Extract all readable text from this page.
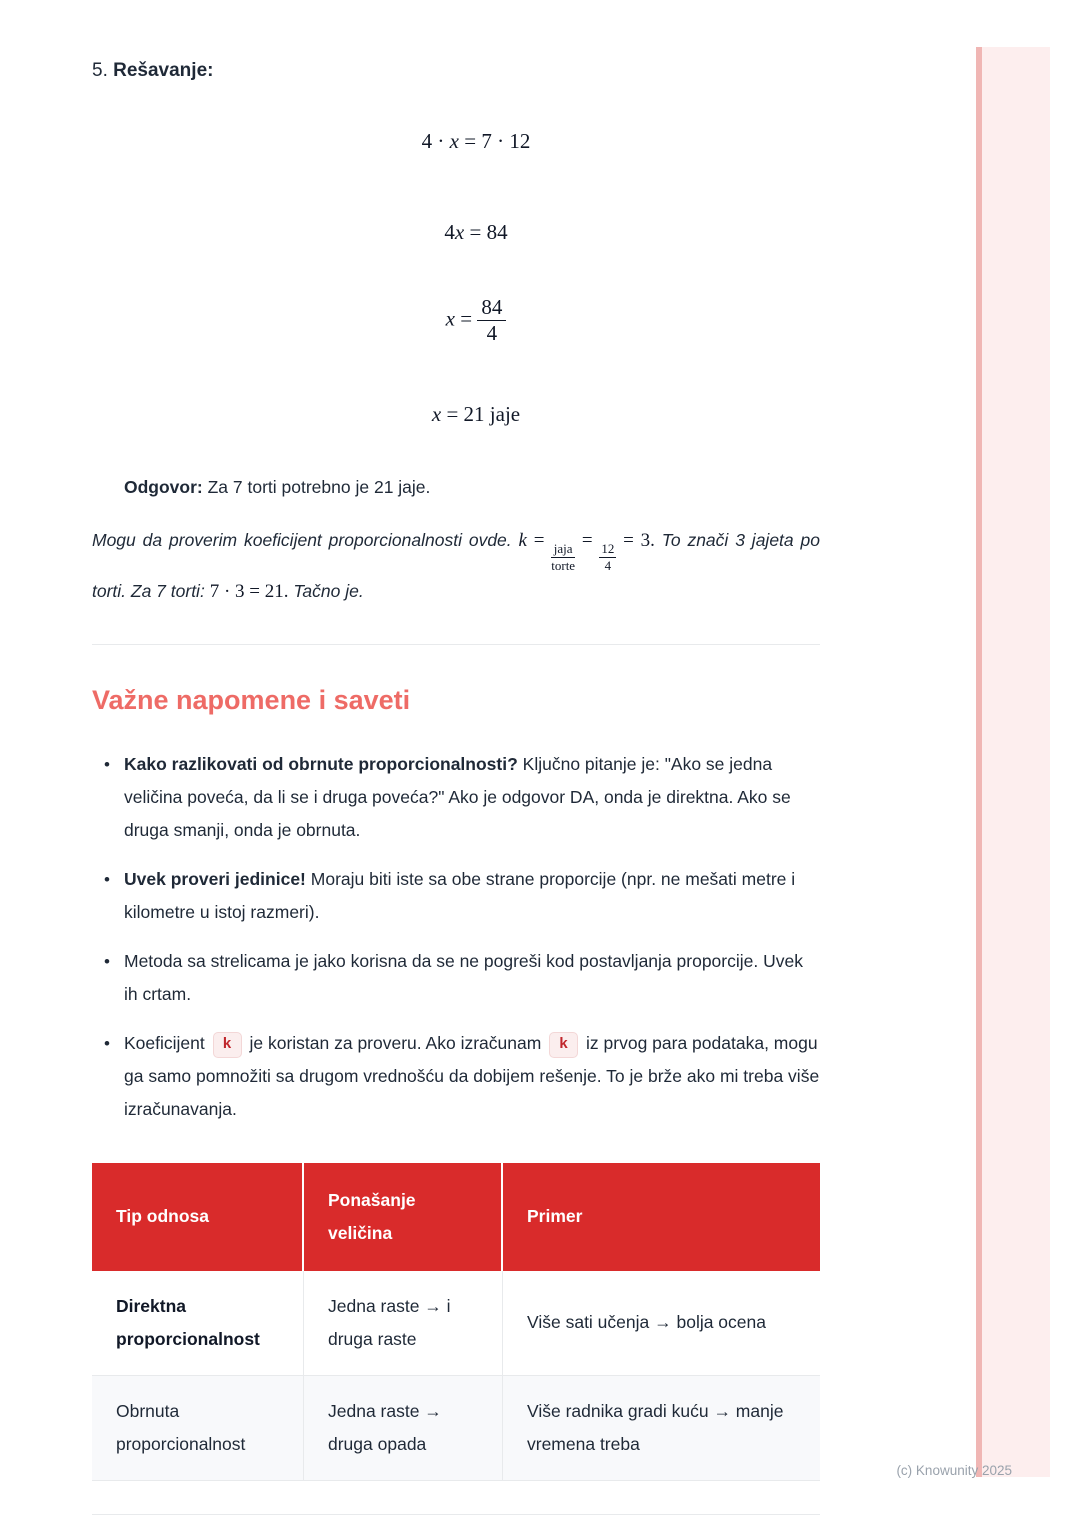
5. Rešavanje:
4 · x = 7 · 12
4x = 84
$x = \frac{84}{4}$
x = 21 jaje
Odgovor: Za 7 torti potrebno je 21 jaje.

Mogu da proverim koeficijent proporcionalnosti ovde. k =
$\frac{\text{jaja}}{\text{torte}}$
=
$\frac{12}{4}$
= 3. To znači 3 jajeta po torti. Za 7 torti: 7 · 3 = 21. Tačno je.

Važne napomene i saveti
• Kako razlikovati od obrnute proporcionalnosti? Ključno pitanje je: "Ako se jedna veličina poveća, da li se i druga poveća?" Ako je odgovor DA, onda je direktna. Ako se druga smanji, onda je obrnuta.
• Uvek proveri jedinice! Moraju biti iste sa obe strane proporcije (npr. ne mešati metre i kilometre u istoj razmeri).
• Metoda sa strelicama je jako korisna da se ne pogreši kod postavljanja proporcije. Uvek ih crtam.
• Koeficijent k je koristan za proveru. Ako izračunam k iz prvog para podataka, mogu ga samo pomnožiti sa drugom vrednošću da dobijem rešenje. To je brže ako mi treba više izračunavanja.
Tip odnosa	Ponašanje veličina	Primer
Direktna proporcionalnost	Jedna raste → i druga raste	Više sati učenja → bolja ocena
Obrnuta proporcionalnost	Jedna raste → druga opada	Više radnika gradi kuću → manje vremena treba
(c) Knowunity 2025
